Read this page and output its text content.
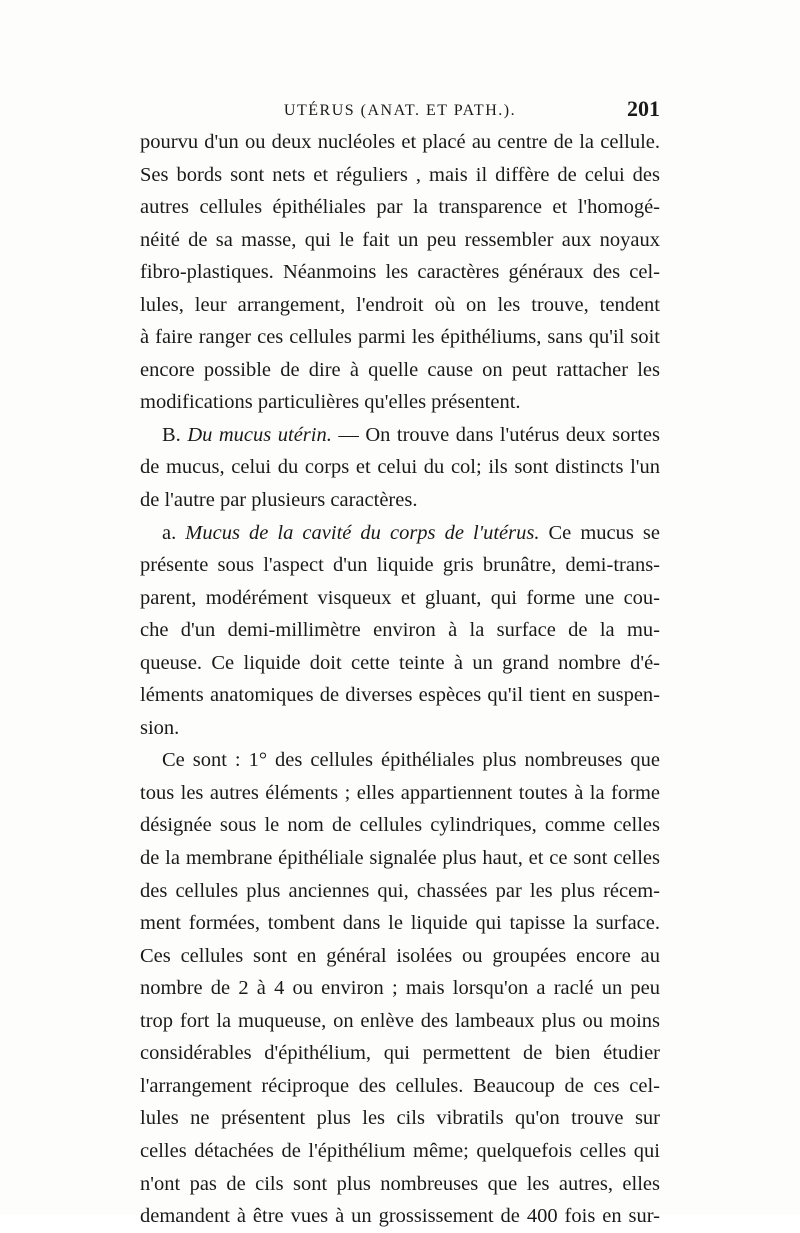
UTÉRUS (ANAT. ET PATH.).	201
pourvu d'un ou deux nucléoles et placé au centre de la cellule.
Ses bords sont nets et réguliers , mais il diffère de celui des
autres cellules épithéliales par la transparence et l'homogé-
néité de sa masse, qui le fait un peu ressembler aux noyaux
fibro-plastiques. Néanmoins les caractères généraux des cel-
lules, leur arrangement, l'endroit où on les trouve, tendent
à faire ranger ces cellules parmi les épithéliums, sans qu'il soit
encore possible de dire à quelle cause on peut rattacher les
modifications particulières qu'elles présentent.
B. Du mucus utérin. — On trouve dans l'utérus deux sortes
de mucus, celui du corps et celui du col; ils sont distincts l'un
de l'autre par plusieurs caractères.
a. Mucus de la cavité du corps de l'utérus. Ce mucus se
présente sous l'aspect d'un liquide gris brunâtre, demi-trans-
parent, modérément visqueux et gluant, qui forme une cou-
che d'un demi-millimètre environ à la surface de la mu-
queuse. Ce liquide doit cette teinte à un grand nombre d'é-
léments anatomiques de diverses espèces qu'il tient en suspen-
sion.
Ce sont : 1° des cellules épithéliales plus nombreuses que
tous les autres éléments ; elles appartiennent toutes à la forme
désignée sous le nom de cellules cylindriques, comme celles
de la membrane épithéliale signalée plus haut, et ce sont celles
des cellules plus anciennes qui, chassées par les plus récem-
ment formées, tombent dans le liquide qui tapisse la surface.
Ces cellules sont en général isolées ou groupées encore au
nombre de 2 à 4 ou environ ; mais lorsqu'on a raclé un peu
trop fort la muqueuse, on enlève des lambeaux plus ou moins
considérables d'épithélium, qui permettent de bien étudier
l'arrangement réciproque des cellules. Beaucoup de ces cel-
lules ne présentent plus les cils vibratils qu'on trouve sur
celles détachées de l'épithélium même; quelquefois celles qui
n'ont pas de cils sont plus nombreuses que les autres, elles
demandent à être vues à un grossissement de 400 fois en sur-
